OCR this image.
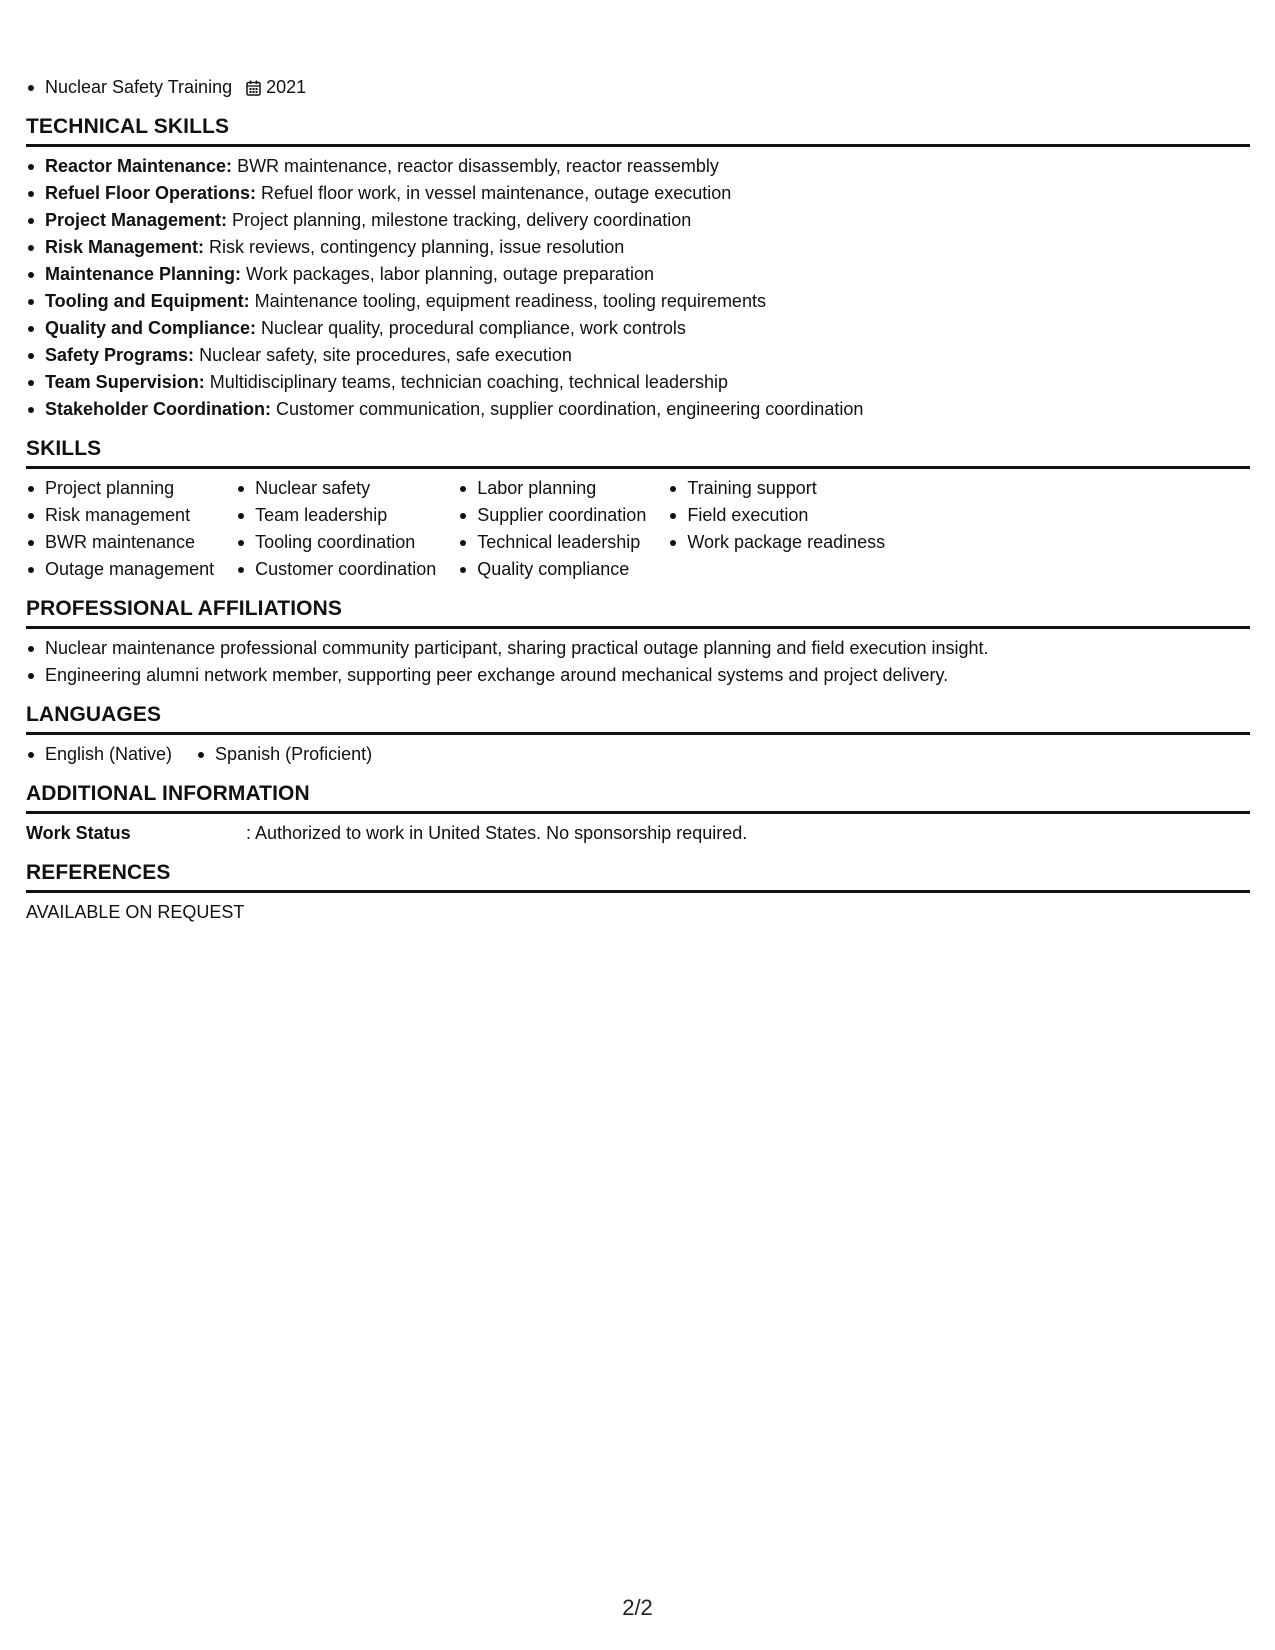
Nuclear Safety Training 2021
TECHNICAL SKILLS
Reactor Maintenance: BWR maintenance, reactor disassembly, reactor reassembly
Refuel Floor Operations: Refuel floor work, in vessel maintenance, outage execution
Project Management: Project planning, milestone tracking, delivery coordination
Risk Management: Risk reviews, contingency planning, issue resolution
Maintenance Planning: Work packages, labor planning, outage preparation
Tooling and Equipment: Maintenance tooling, equipment readiness, tooling requirements
Quality and Compliance: Nuclear quality, procedural compliance, work controls
Safety Programs: Nuclear safety, site procedures, safe execution
Team Supervision: Multidisciplinary teams, technician coaching, technical leadership
Stakeholder Coordination: Customer communication, supplier coordination, engineering coordination
SKILLS
Project planning
Risk management
BWR maintenance
Outage management
Nuclear safety
Team leadership
Tooling coordination
Customer coordination
Labor planning
Supplier coordination
Technical leadership
Quality compliance
Training support
Field execution
Work package readiness
PROFESSIONAL AFFILIATIONS
Nuclear maintenance professional community participant, sharing practical outage planning and field execution insight.
Engineering alumni network member, supporting peer exchange around mechanical systems and project delivery.
LANGUAGES
English (Native)	Spanish (Proficient)
ADDITIONAL INFORMATION
Work Status	: Authorized to work in United States. No sponsorship required.
REFERENCES
AVAILABLE ON REQUEST
2/2
